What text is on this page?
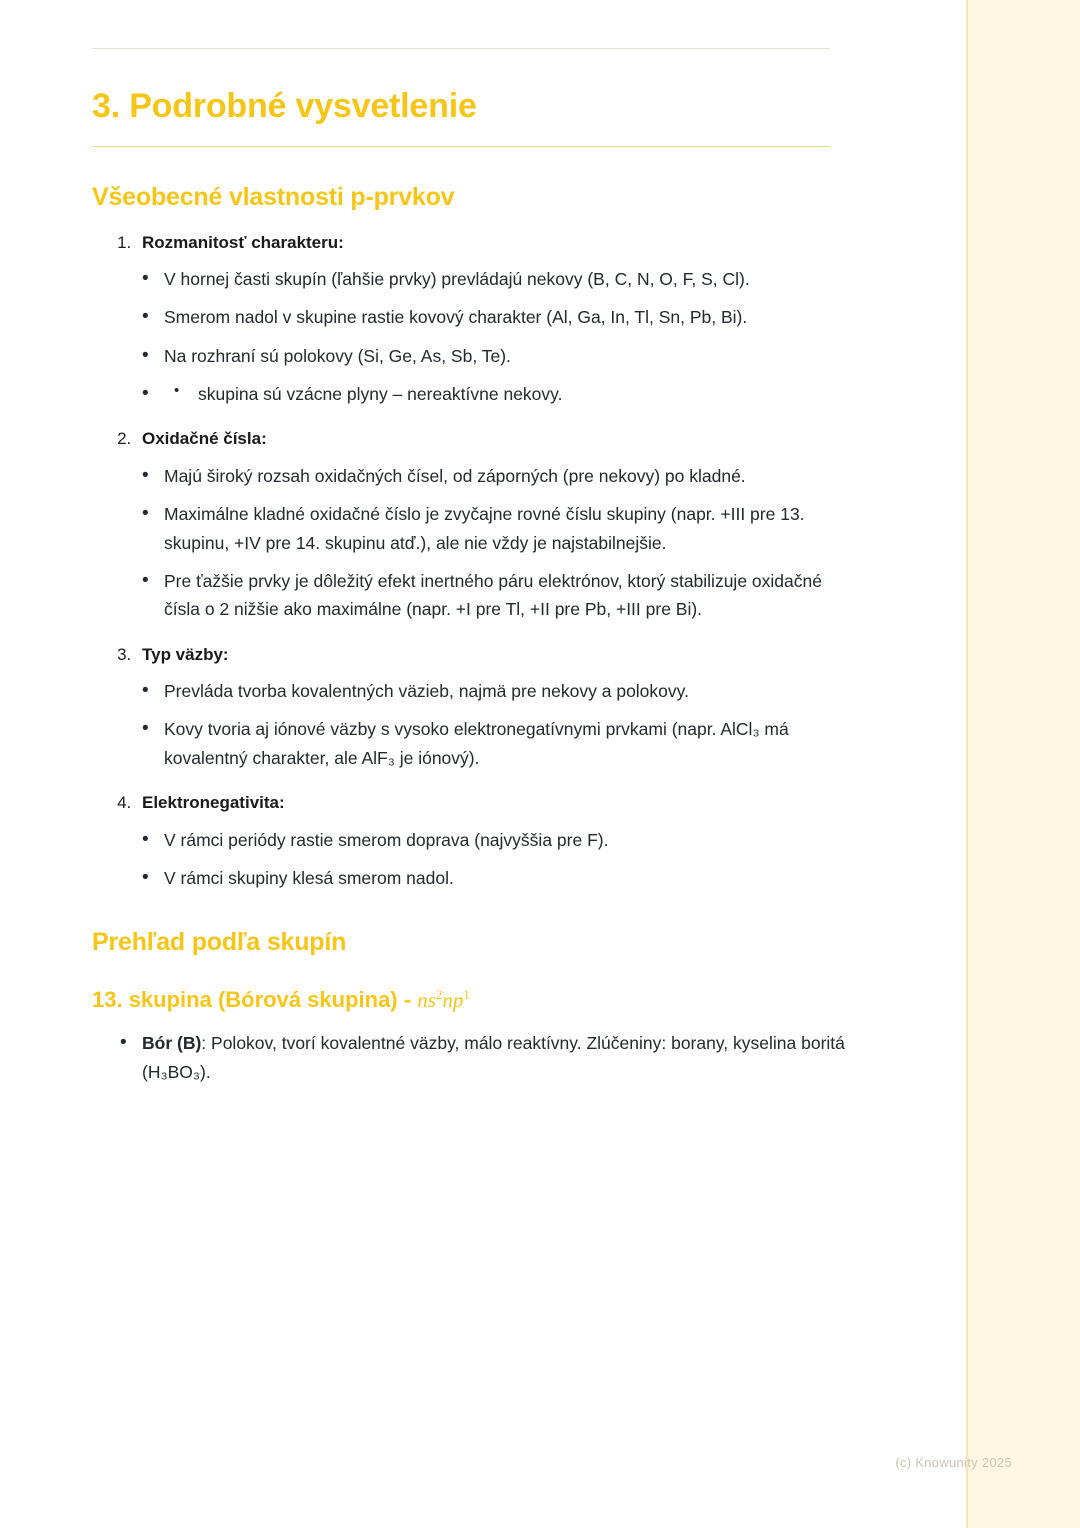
3. Podrobné vysvetlenie
Všeobecné vlastnosti p-prvkov
1. Rozmanitosť charakteru:
• V hornej časti skupín (ľahšie prvky) prevládajú nekovy (B, C, N, O, F, S, Cl).
• Smerom nadol v skupine rastie kovový charakter (Al, Ga, In, Tl, Sn, Pb, Bi).
• Na rozhraní sú polokovy (Si, Ge, As, Sb, Te).
• skupina sú vzácne plyny – nereaktívne nekovy. •
2. Oxidačné čísla:
• Majú široký rozsah oxidačných čísel, od záporných (pre nekovy) po kladné.
• Maximálne kladné oxidačné číslo je zvyčajne rovné číslu skupiny (napr. +III pre 13. skupinu, +IV pre 14. skupinu atď.), ale nie vždy je najstabilnejšie.
• Pre ťažšie prvky je dôležitý efekt inertného páru elektrónov, ktorý stabilizuje oxidačné čísla o 2 nižšie ako maximálne (napr. +I pre Tl, +II pre Pb, +III pre Bi).
3. Typ väzby:
• Prevláda tvorba kovalentných väzieb, najmä pre nekovy a polokovy.
• Kovy tvoria aj iónové väzby s vysoko elektronegatívnymi prvkami (napr. AlCl₃ má kovalentný charakter, ale AlF₃ je iónový).
4. Elektronegativita:
• V rámci periódy rastie smerom doprava (najvyššia pre F).
• V rámci skupiny klesá smerom nadol.
Prehľad podľa skupín
13. skupina (Bórová skupina) - $ns^2np^1$
• Bór (B): Polokov, tvorí kovalentné väzby, málo reaktívny. Zlúčeniny: borany, kyselina boritá (H₃BO₃).
(c) Knowunity 2025
